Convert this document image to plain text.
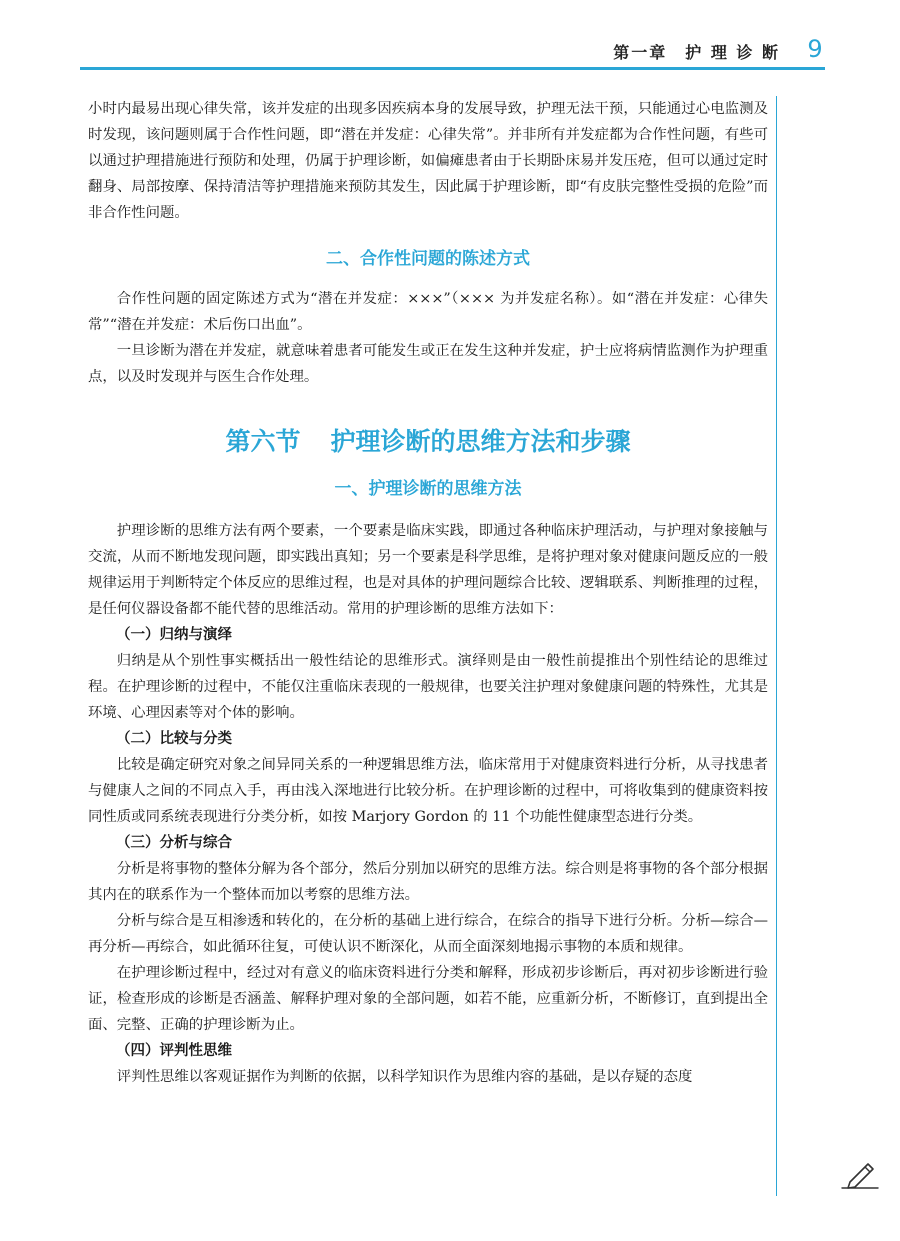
第一章　护 理 诊 断	9

小时内最易出现心律失常，该并发症的出现多因疾病本身的发展导致，护理无法干预，只能通过心电监测及时发现，该问题则属于合作性问题，即“潜在并发症：心律失常”。并非所有并发症都为合作性问题，有些可以通过护理措施进行预防和处理，仍属于护理诊断，如偏瘫患者由于长期卧床易并发压疮，但可以通过定时翻身、局部按摩、保持清洁等护理措施来预防其发生，因此属于护理诊断，即“有皮肤完整性受损的危险”而非合作性问题。

二、合作性问题的陈述方式

合作性问题的固定陈述方式为“潜在并发症：×××”（××× 为并发症名称）。如“潜在并发症：心律失常”“潜在并发症：术后伤口出血”。

一旦诊断为潜在并发症，就意味着患者可能发生或正在发生这种并发症，护士应将病情监测作为护理重点，以及时发现并与医生合作处理。

第六节 护理诊断的思维方法和步骤
一、护理诊断的思维方法

护理诊断的思维方法有两个要素，一个要素是临床实践，即通过各种临床护理活动，与护理对象接触与交流，从而不断地发现问题，即实践出真知；另一个要素是科学思维，是将护理对象对健康问题反应的一般规律运用于判断特定个体反应的思维过程，也是对具体的护理问题综合比较、逻辑联系、判断推理的过程，是任何仪器设备都不能代替的思维活动。常用的护理诊断的思维方法如下：

（一）归纳与演绎

归纳是从个别性事实概括出一般性结论的思维形式。演绎则是由一般性前提推出个别性结论的思维过程。在护理诊断的过程中，不能仅注重临床表现的一般规律，也要关注护理对象健康问题的特殊性，尤其是环境、心理因素等对个体的影响。

（二）比较与分类

比较是确定研究对象之间异同关系的一种逻辑思维方法，临床常用于对健康资料进行分析，从寻找患者与健康人之间的不同点入手，再由浅入深地进行比较分析。在护理诊断的过程中，可将收集到的健康资料按同性质或同系统表现进行分类分析，如按 Marjory Gordon 的 11 个功能性健康型态进行分类。

（三）分析与综合

分析是将事物的整体分解为各个部分，然后分别加以研究的思维方法。综合则是将事物的各个部分根据其内在的联系作为一个整体而加以考察的思维方法。

分析与综合是互相渗透和转化的，在分析的基础上进行综合，在综合的指导下进行分析。分析—综合—再分析—再综合，如此循环往复，可使认识不断深化，从而全面深刻地揭示事物的本质和规律。

在护理诊断过程中，经过对有意义的临床资料进行分类和解释，形成初步诊断后，再对初步诊断进行验证，检查形成的诊断是否涵盖、解释护理对象的全部问题，如若不能，应重新分析，不断修订，直到提出全面、完整、正确的护理诊断为止。

（四）评判性思维

评判性思维以客观证据作为判断的依据，以科学知识作为思维内容的基础，是以存疑的态度
